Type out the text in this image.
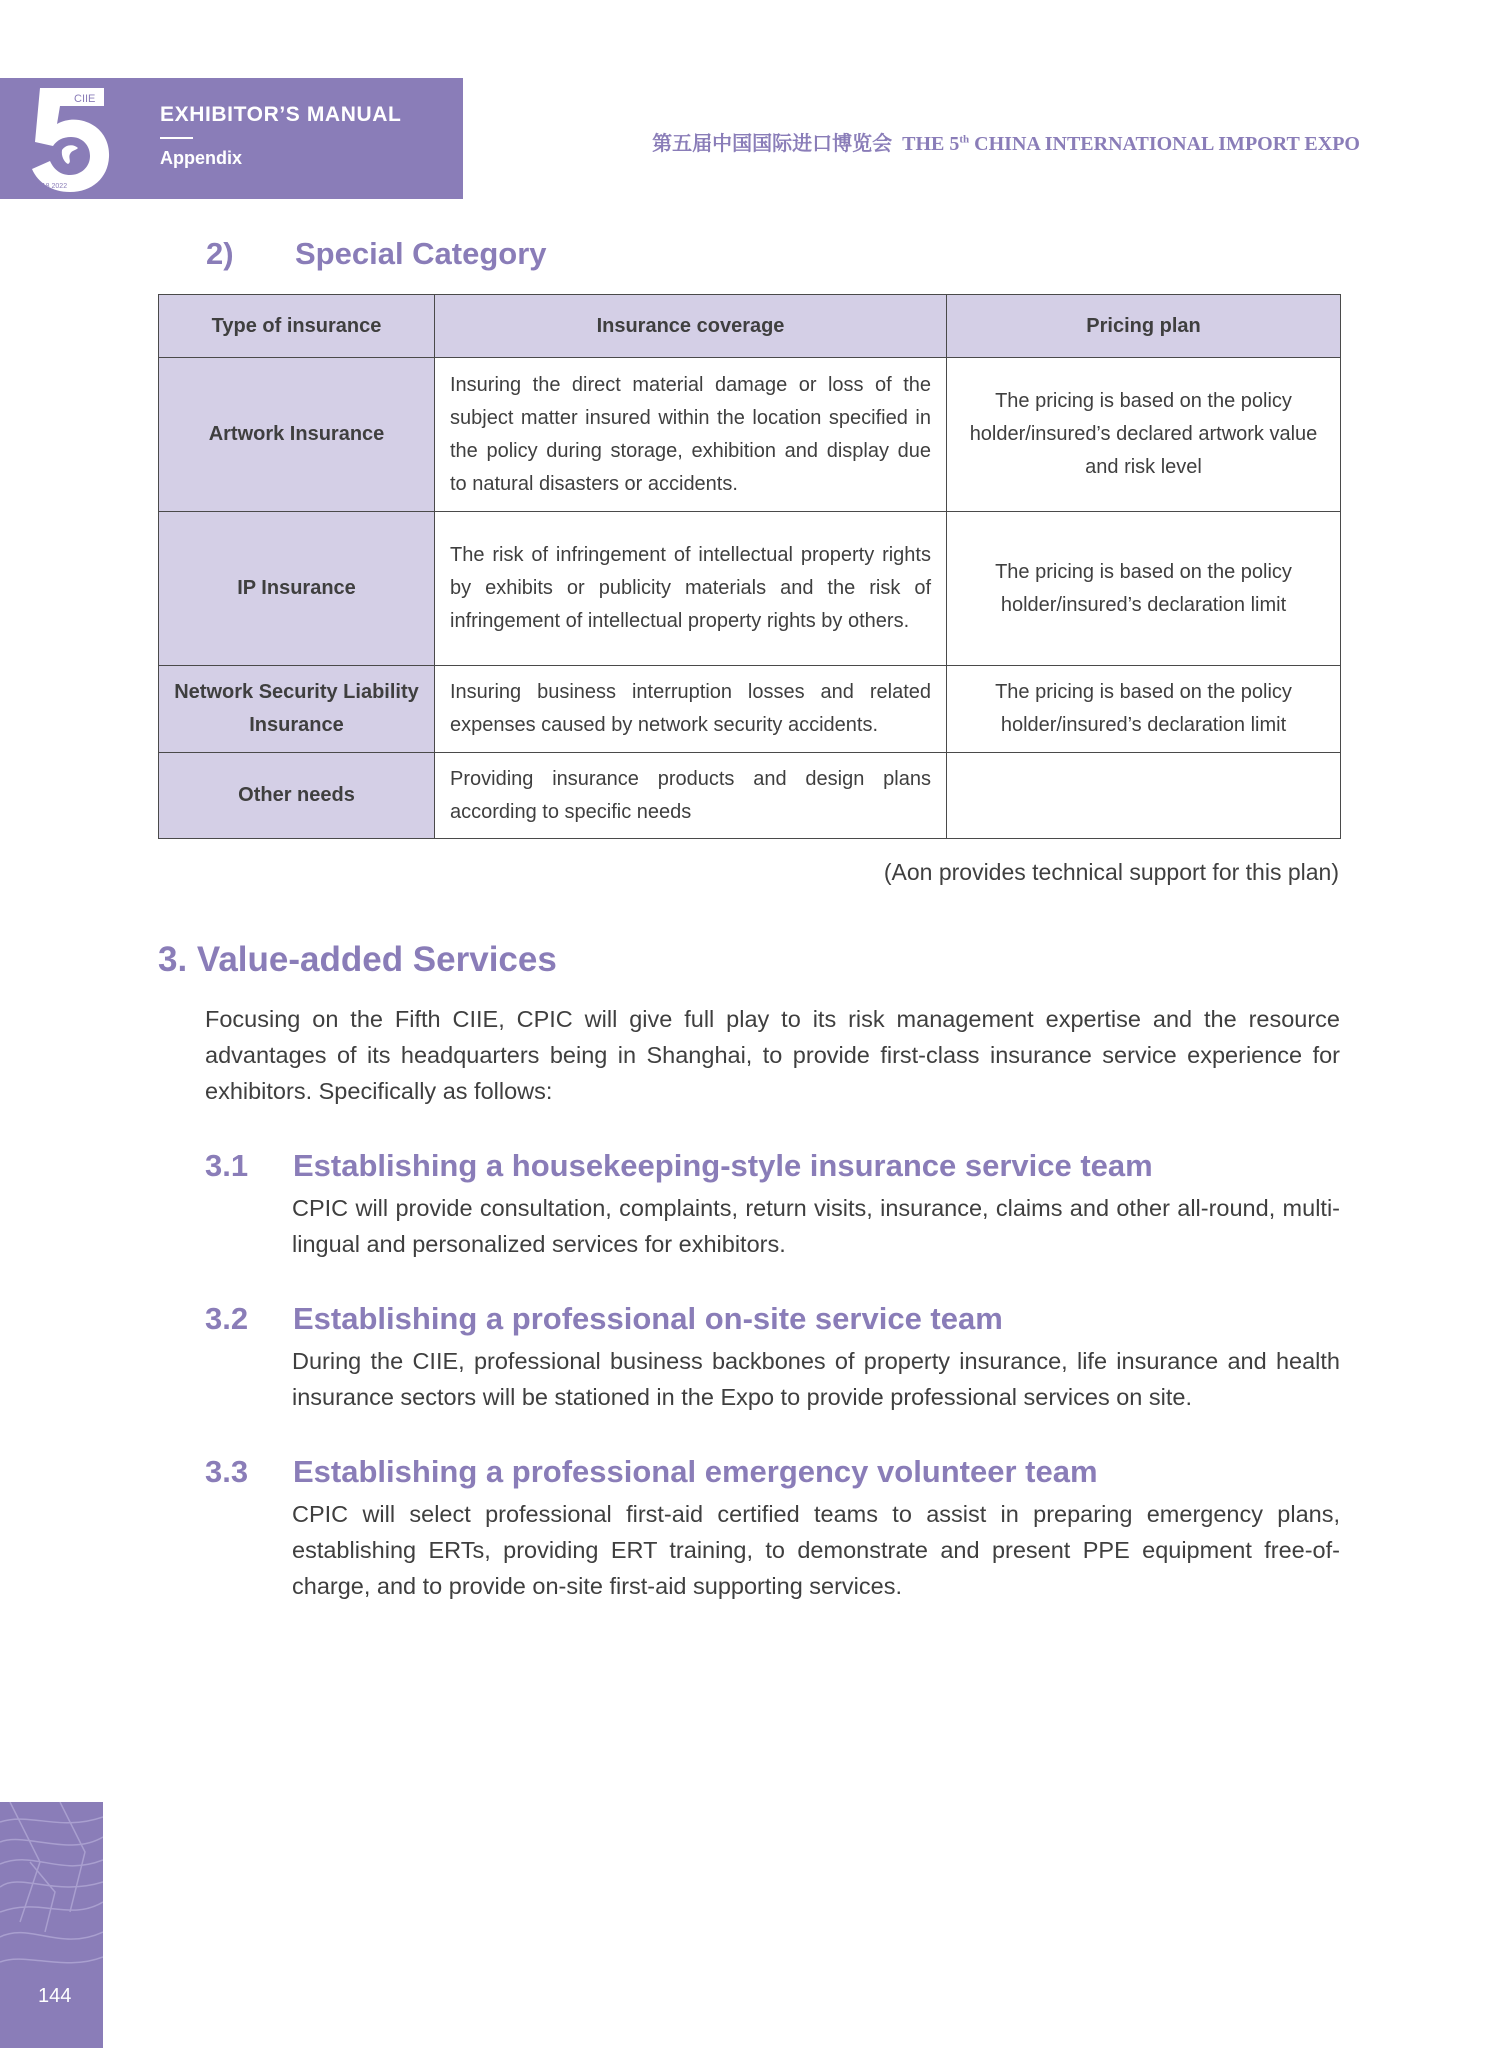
CIIE
2018 2022
EXHIBITOR’S MANUAL
Appendix
第五届中国国际进口博览会 THE 5th CHINA INTERNATIONAL IMPORT EXPO
2) Special Category
Type of insurance	Insurance coverage	Pricing plan
Artwork Insurance	Insuring the direct material damage or loss of the subject matter insured within the location specified in the policy during storage, exhibition and display due to natural disasters or accidents.	The pricing is based on the policy holder/insured’s declared artwork value and risk level
IP Insurance	The risk of infringement of intellectual property rights by exhibits or publicity materials and the risk of infringement of intellectual property rights by others.	The pricing is based on the policy holder/insured’s declaration limit
Network Security Liability Insurance	Insuring business interruption losses and related expenses caused by network security accidents.	The pricing is based on the policy holder/insured’s declaration limit
Other needs	Providing insurance products and design plans according to specific needs	
(Aon provides technical support for this plan)
3. Value-added Services
Focusing on the Fifth CIIE, CPIC will give full play to its risk management expertise and the resource advantages of its headquarters being in Shanghai, to provide first-class insurance service experience for exhibitors. Specifically as follows:
3.1 Establishing a housekeeping-style insurance service team
CPIC will provide consultation, complaints, return visits, insurance, claims and other all-round, multi-lingual and personalized services for exhibitors.
3.2 Establishing a professional on-site service team
During the CIIE, professional business backbones of property insurance, life insurance and health insurance sectors will be stationed in the Expo to provide professional services on site.
3.3 Establishing a professional emergency volunteer team
CPIC will select professional first-aid certified teams to assist in preparing emergency plans, establishing ERTs, providing ERT training, to demonstrate and present PPE equipment free-of-charge, and to provide on-site first-aid supporting services.
144
